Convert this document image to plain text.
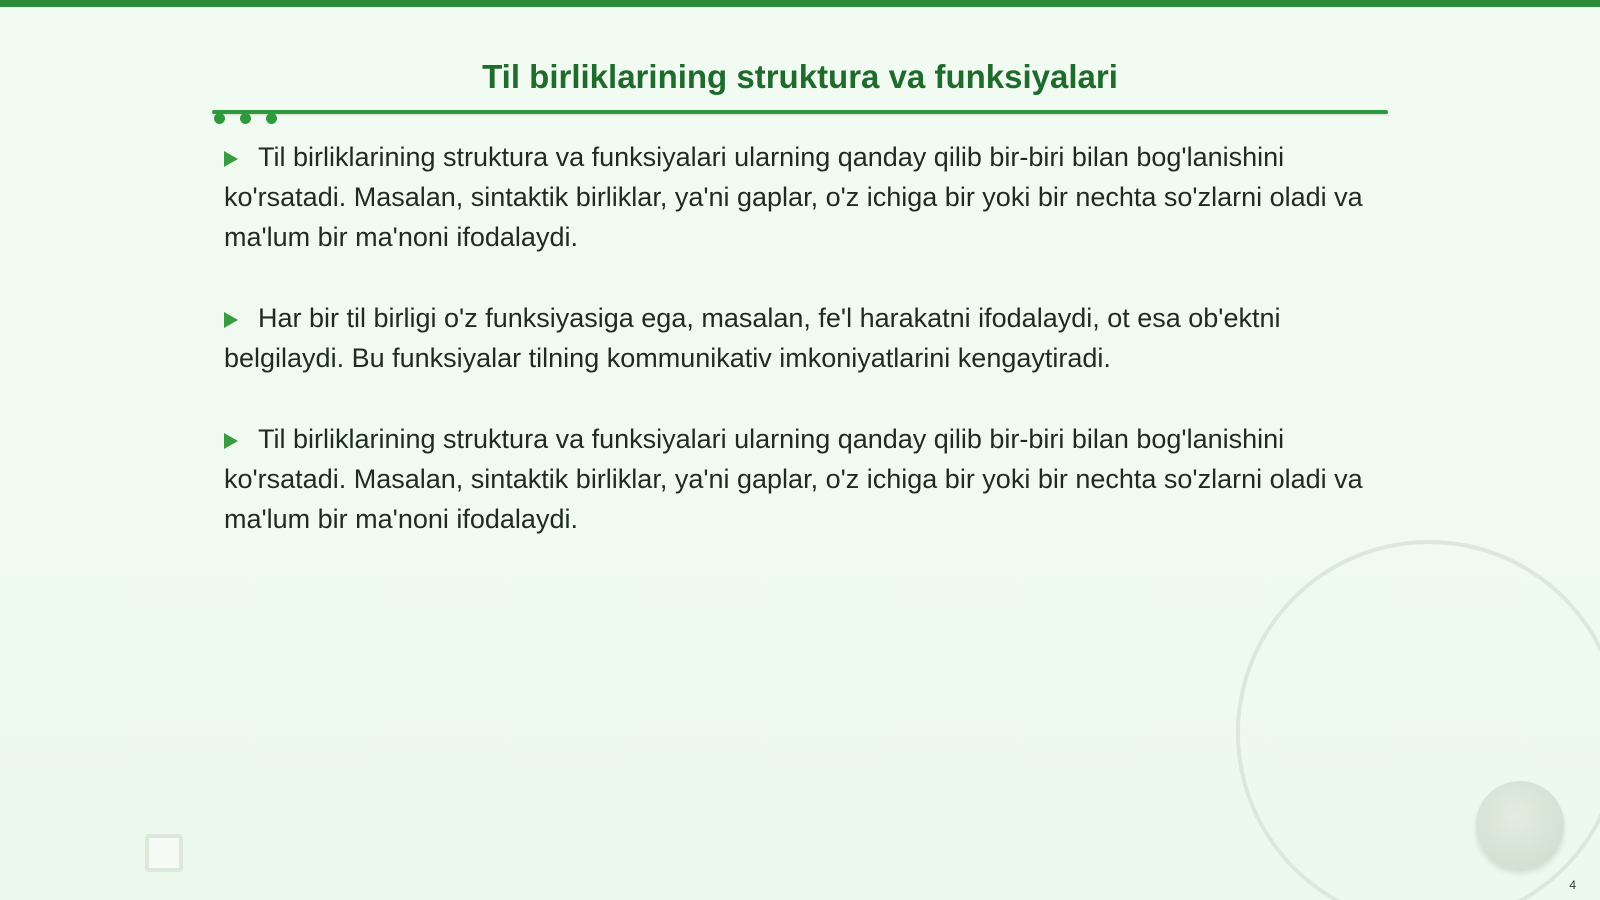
Til birliklarining struktura va funksiyalari

Til birliklarining struktura va funksiyalari ularning qanday qilib bir-biri bilan bog'lanishini ko'rsatadi. Masalan, sintaktik birliklar, ya'ni gaplar, o'z ichiga bir yoki bir nechta so'zlarni oladi va ma'lum bir ma'noni ifodalaydi.

Har bir til birligi o'z funksiyasiga ega, masalan, fe'l harakatni ifodalaydi, ot esa ob'ektni belgilaydi. Bu funksiyalar tilning kommunikativ imkoniyatlarini kengaytiradi.

Til birliklarining struktura va funksiyalari ularning qanday qilib bir-biri bilan bog'lanishini ko'rsatadi. Masalan, sintaktik birliklar, ya'ni gaplar, o'z ichiga bir yoki bir nechta so'zlarni oladi va ma'lum bir ma'noni ifodalaydi.

4
